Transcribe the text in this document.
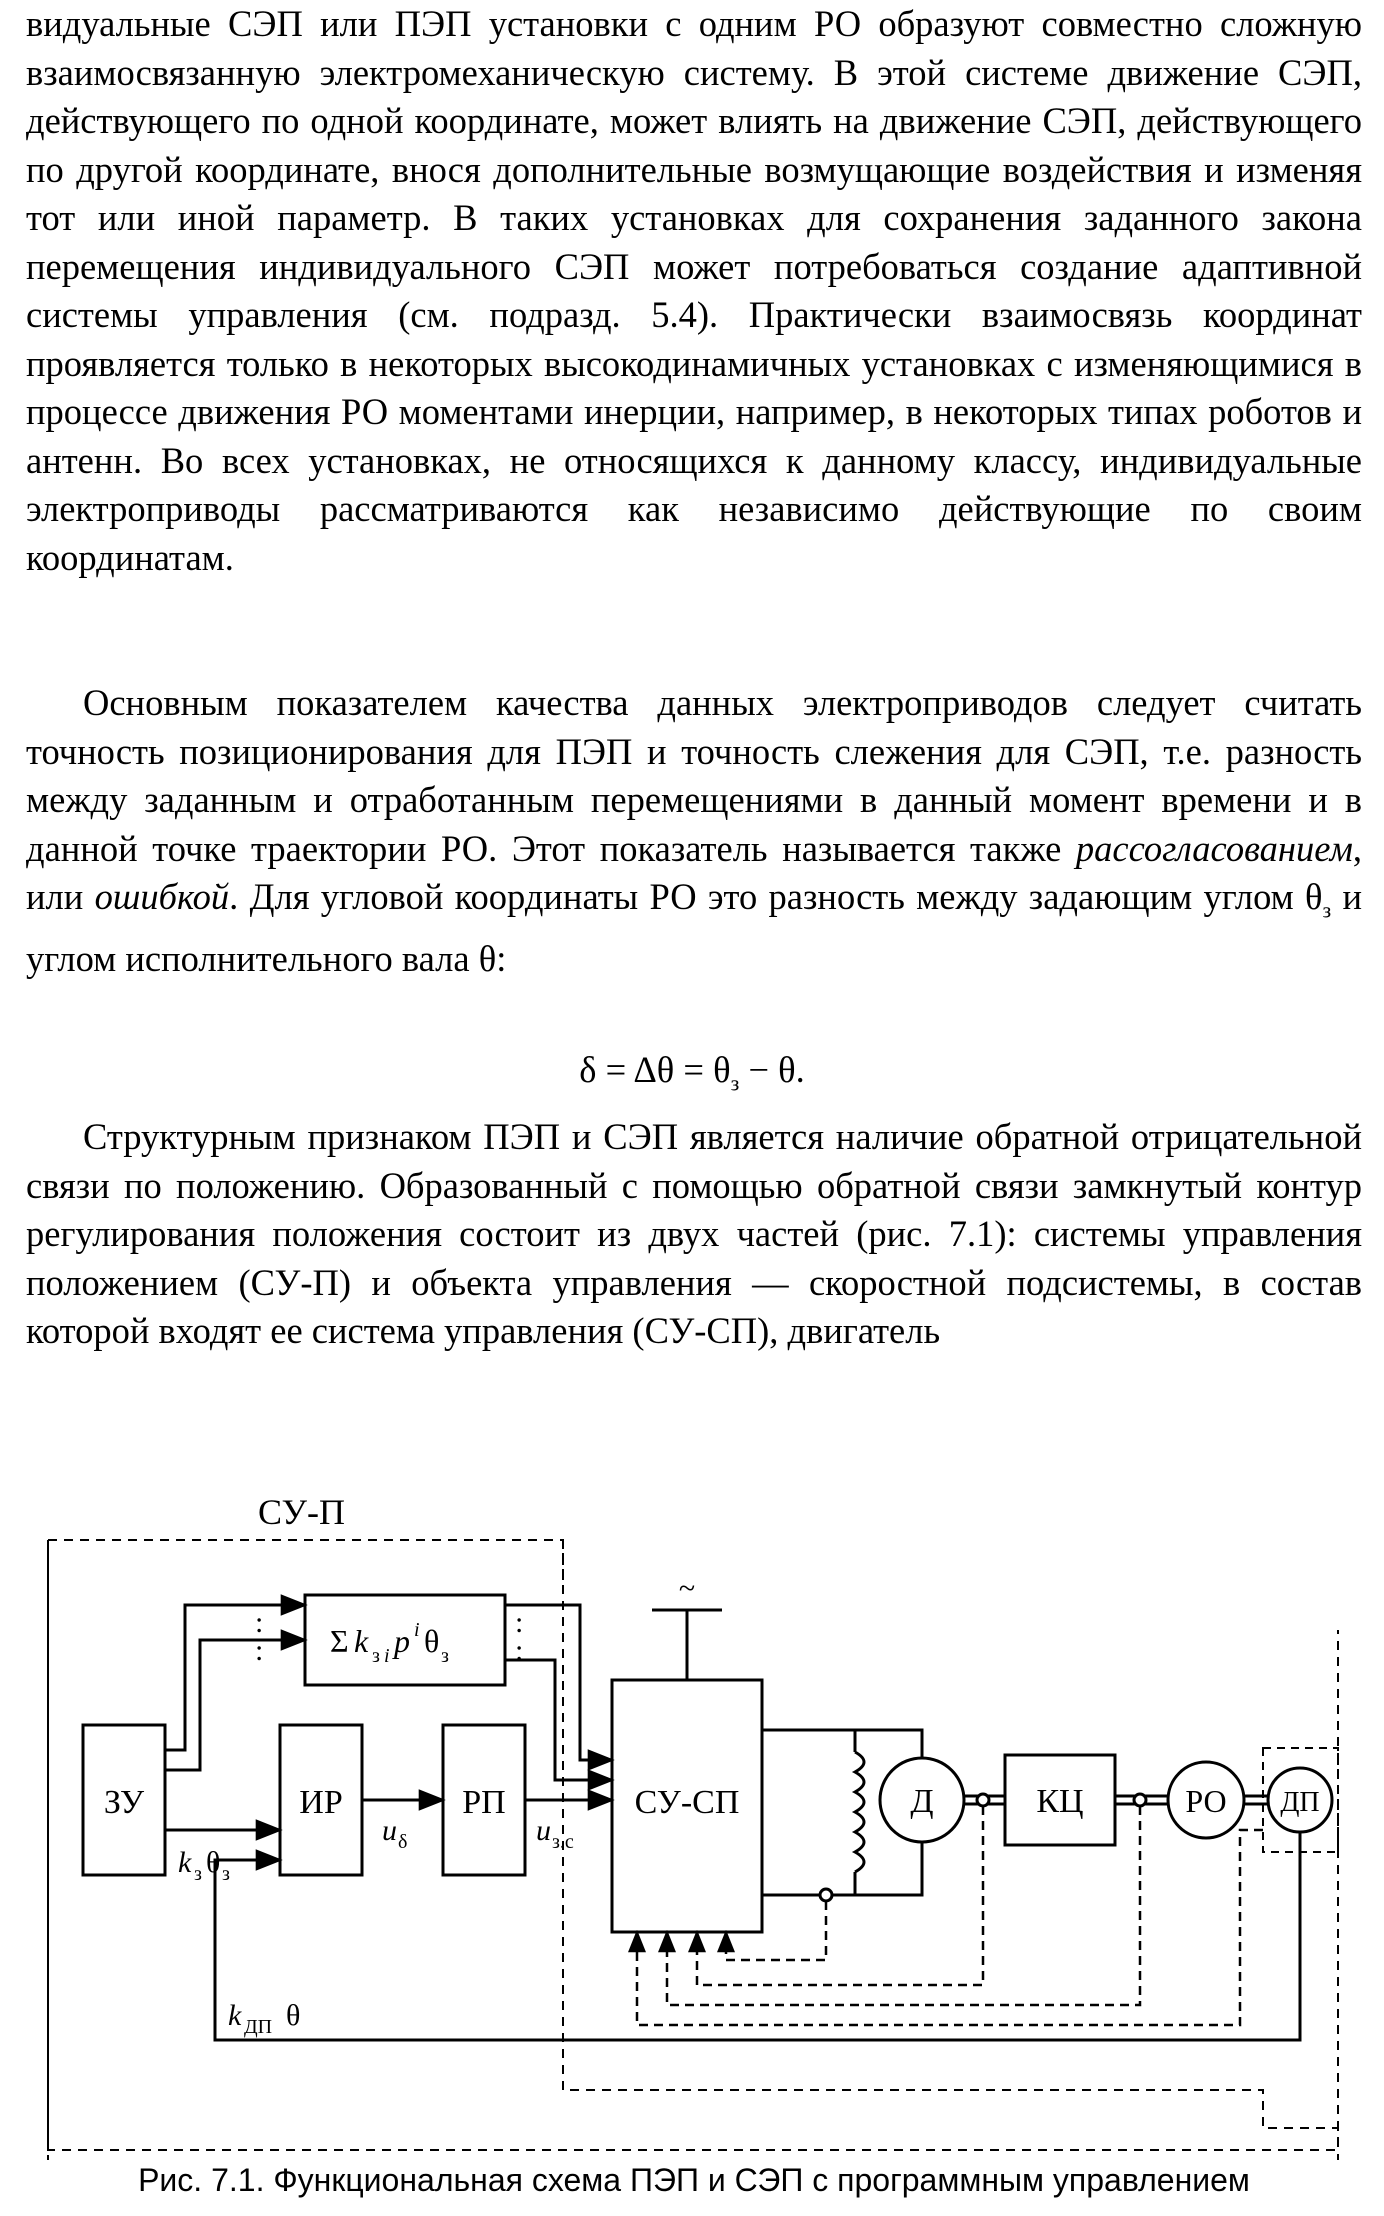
видуальные СЭП или ПЭП установки с одним РО образуют совместно сложную взаимосвязанную электромеханическую систему. В этой системе движение СЭП, действующего по одной координате, может влиять на движение СЭП, действующего по другой координате, внося дополнительные возмущающие воздействия и изменяя тот или иной параметр. В таких установках для сохранения заданного закона перемещения индивидуального СЭП может потребоваться создание адаптивной системы управления (см. подразд. 5.4). Практически взаимосвязь координат проявляется только в некоторых высокодинамичных установках с изменяющимися в процессе движения РО моментами инерции, например, в некоторых типах роботов и антенн. Во всех установках, не относящихся к данному классу, индивидуальные электроприводы рассматриваются как независимо действующие по своим координатам.

Основным показателем качества данных электроприводов следует считать точность позиционирования для ПЭП и точность слежения для СЭП, т.е. разность между заданным и отработанным перемещениями в данный момент времени и в данной точке траектории РО. Этот показатель называется также рассогласованием, или ошибкой. Для угловой координаты РО это разность между задающим углом $\theta_з$ и углом исполнительного вала θ:

$\delta = \Delta\theta = \theta_з - \theta$.

Структурным признаком ПЭП и СЭП является наличие обратной отрицательной связи по положению. Образованный с помощью обратной связи замкнутый контур регулирования положения состоит из двух частей (рис. 7.1): системы управления положением (СУ-П) и объекта управления — скоростной подсистемы, в состав которой входят ее система управления (СУ-СП), двигатель

СУ-П
ЗУ
Σ k з i p i θ з
ИР	РП	СУ-СП
~
Д	КЦ	РО ДП
:
:
k з θ з
u δ	u з.с
:
:
k ДП θ
Рис. 7.1. Функциональная схема ПЭП и СЭП с программным управлением
